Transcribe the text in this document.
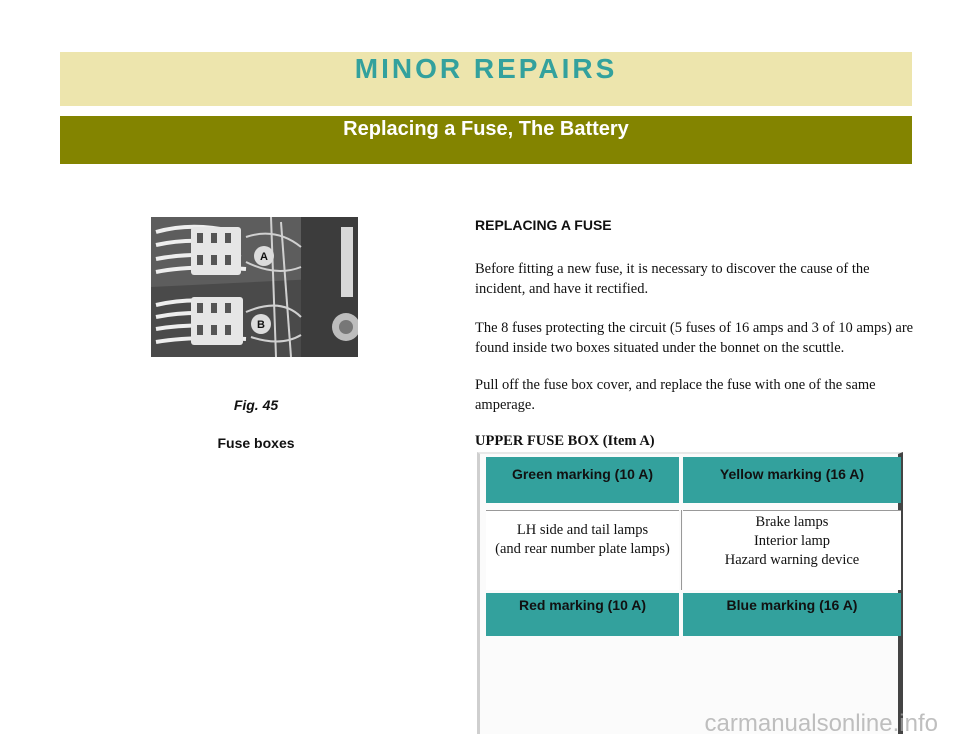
MINOR REPAIRS
Replacing a Fuse, The Battery
A
B
Fig. 45
Fuse boxes
REPLACING A FUSE
Before fitting a new fuse, it is necessary to discover the cause of the incident, and have it rectified.
The 8 fuses protecting the circuit (5 fuses of 16 amps and 3 of 10 amps) are found inside two boxes situated under the bonnet on the scuttle.
Pull off the fuse box cover, and replace the fuse with one of the same amperage.
UPPER FUSE BOX (Item A)
Green marking (10 A)	Yellow marking (16 A)
LH side and tail lamps
(and rear number plate lamps)
Brake lamps
Interior lamp
Hazard warning device
Red marking (10 A)	Blue marking (16 A)
carmanualsonline.info
